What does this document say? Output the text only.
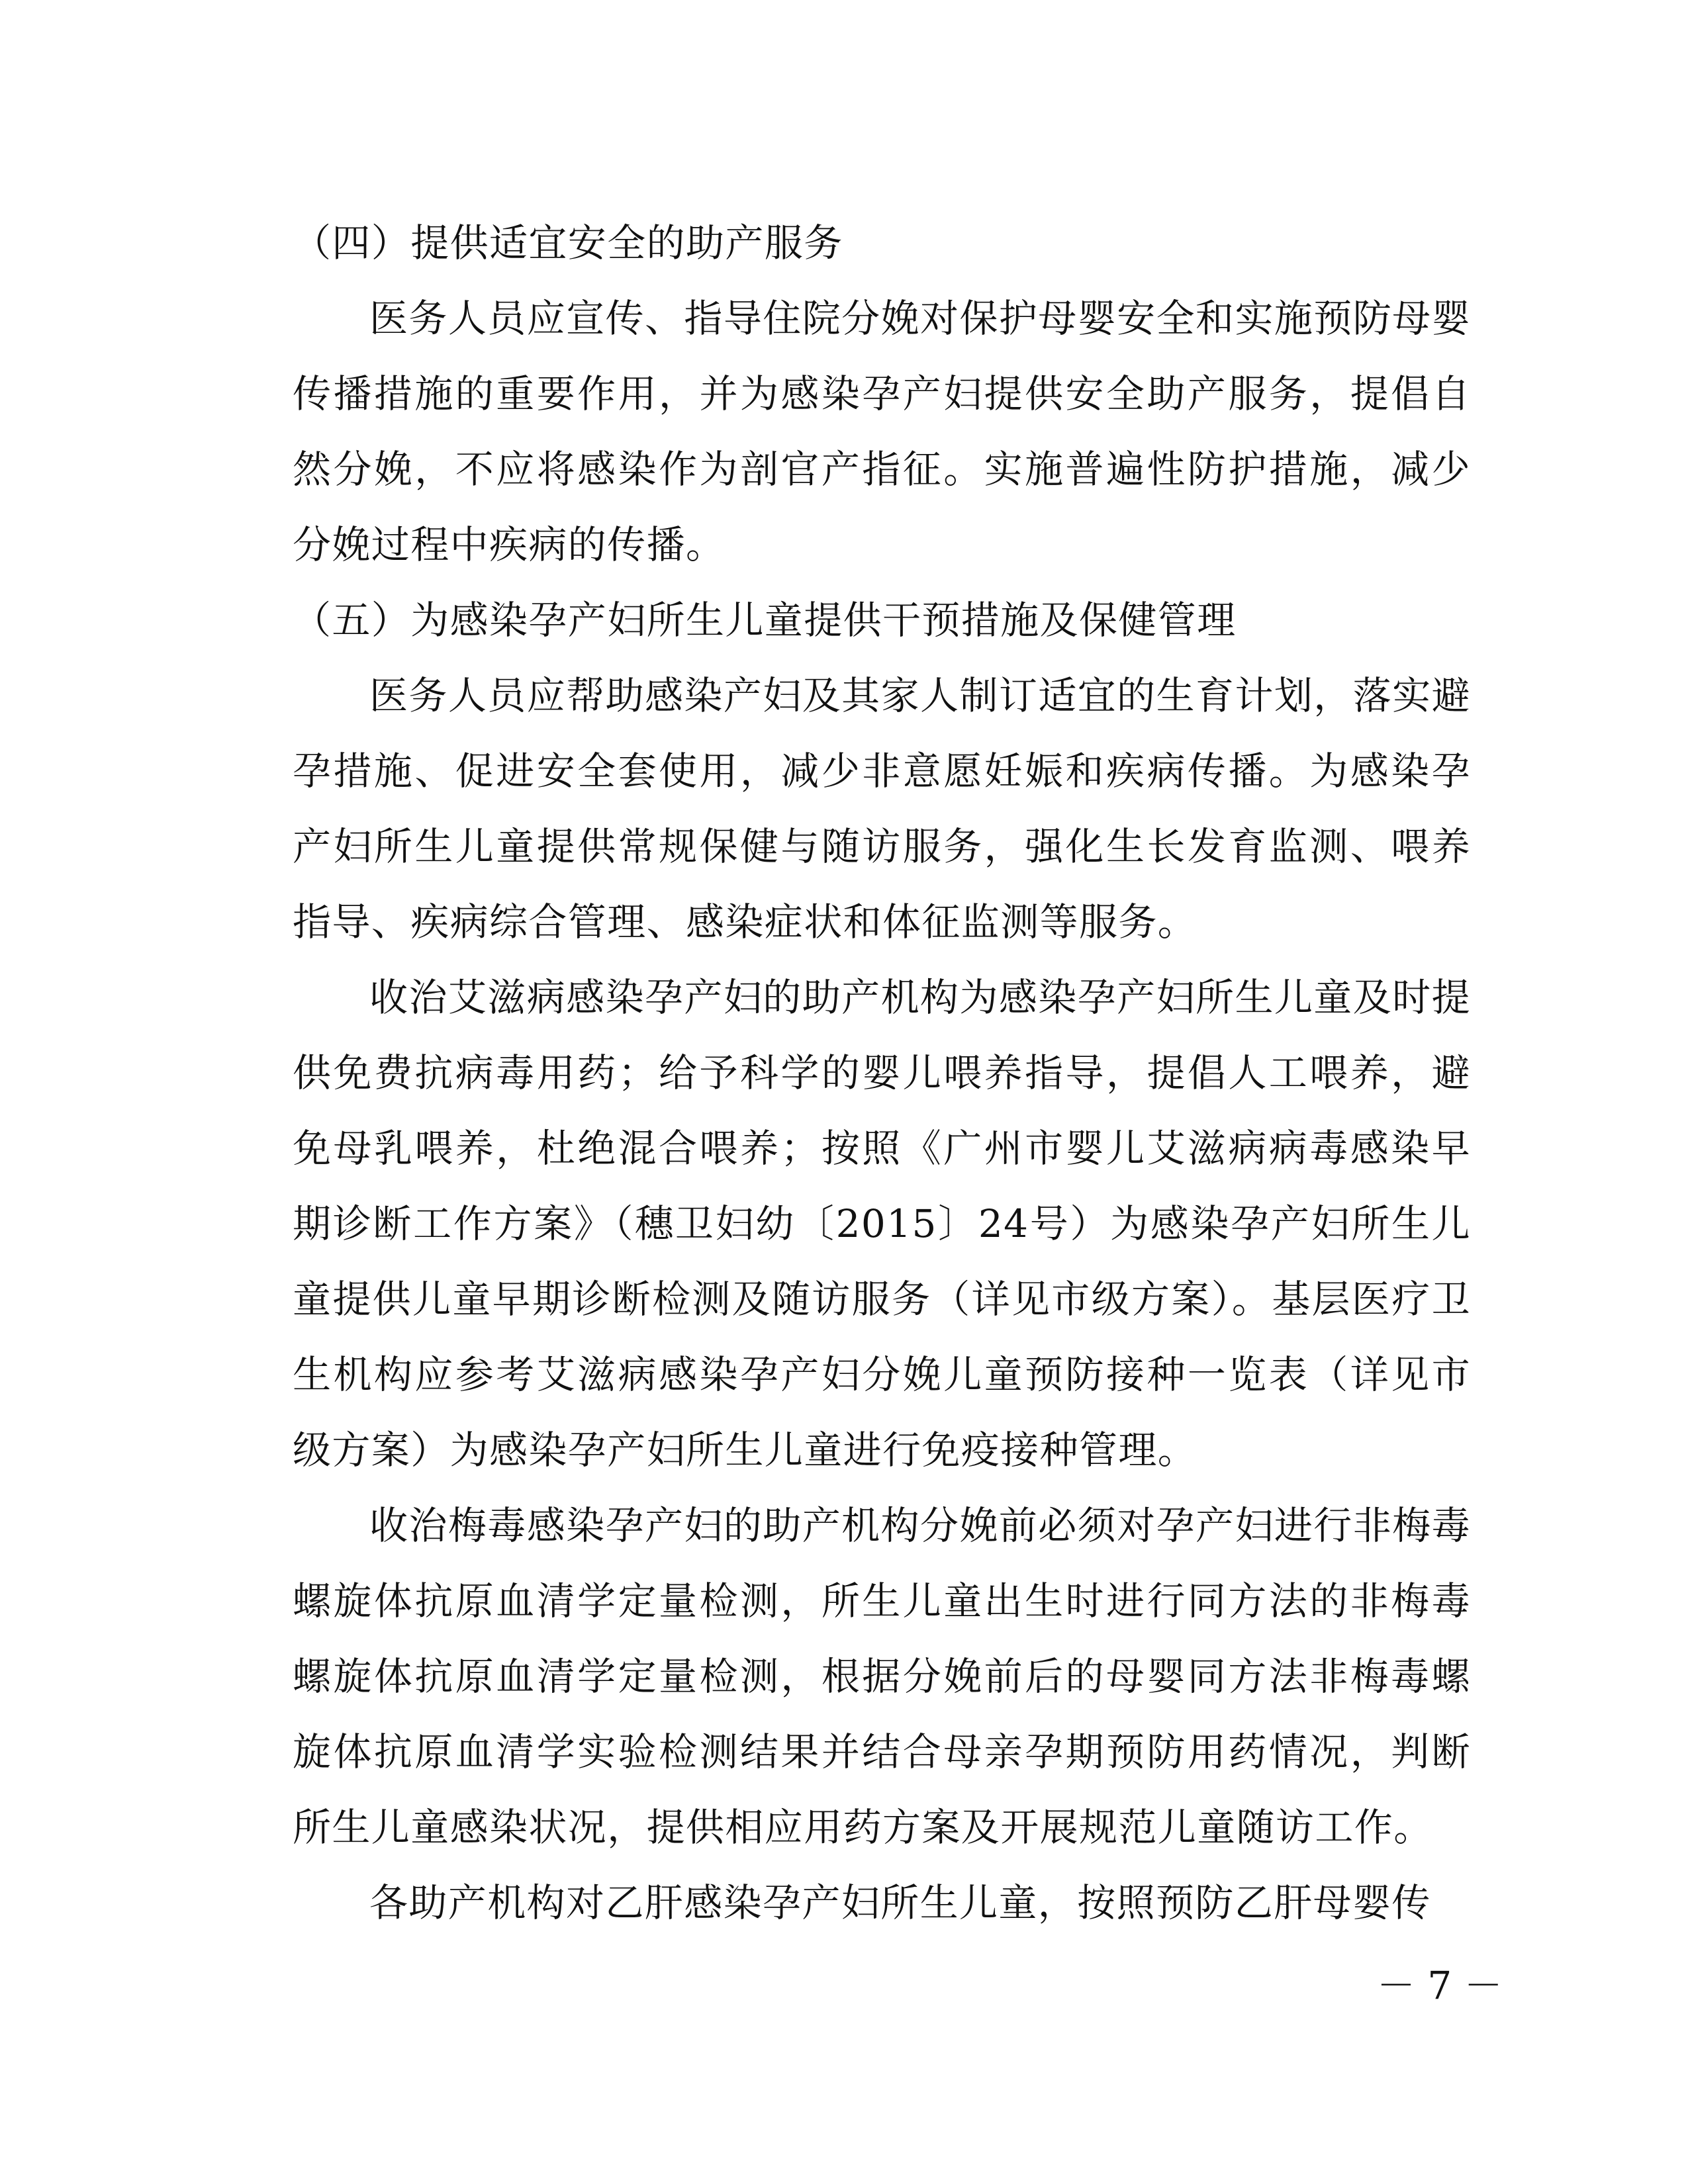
（四）提供适宜安全的助产服务

医务人员应宣传、指导住院分娩对保护母婴安全和实施预防母婴传播措施的重要作用，并为感染孕产妇提供安全助产服务，提倡自然分娩，不应将感染作为剖官产指征。实施普遍性防护措施，减少分娩过程中疾病的传播。

（五）为感染孕产妇所生儿童提供干预措施及保健管理

医务人员应帮助感染产妇及其家人制订适宜的生育计划，落实避孕措施、促进安全套使用，减少非意愿妊娠和疾病传播。为感染孕产妇所生儿童提供常规保健与随访服务，强化生长发育监测、喂养指导、疾病综合管理、感染症状和体征监测等服务。

收治艾滋病感染孕产妇的助产机构为感染孕产妇所生儿童及时提供免费抗病毒用药；给予科学的婴儿喂养指导，提倡人工喂养，避免母乳喂养，杜绝混合喂养；按照《广州市婴儿艾滋病病毒感染早期诊断工作方案》（穗卫妇幼〔2015〕24号）为感染孕产妇所生儿童提供儿童早期诊断检测及随访服务（详见市级方案）。基层医疗卫生机构应参考艾滋病感染孕产妇分娩儿童预防接种一览表（详见市级方案）为感染孕产妇所生儿童进行免疫接种管理。

收治梅毒感染孕产妇的助产机构分娩前必须对孕产妇进行非梅毒螺旋体抗原血清学定量检测，所生儿童出生时进行同方法的非梅毒螺旋体抗原血清学定量检测，根据分娩前后的母婴同方法非梅毒螺旋体抗原血清学实验检测结果并结合母亲孕期预防用药情况，判断所生儿童感染状况，提供相应用药方案及开展规范儿童随访工作。

各助产机构对乙肝感染孕产妇所生儿童，按照预防乙肝母婴传

－ 7 －
